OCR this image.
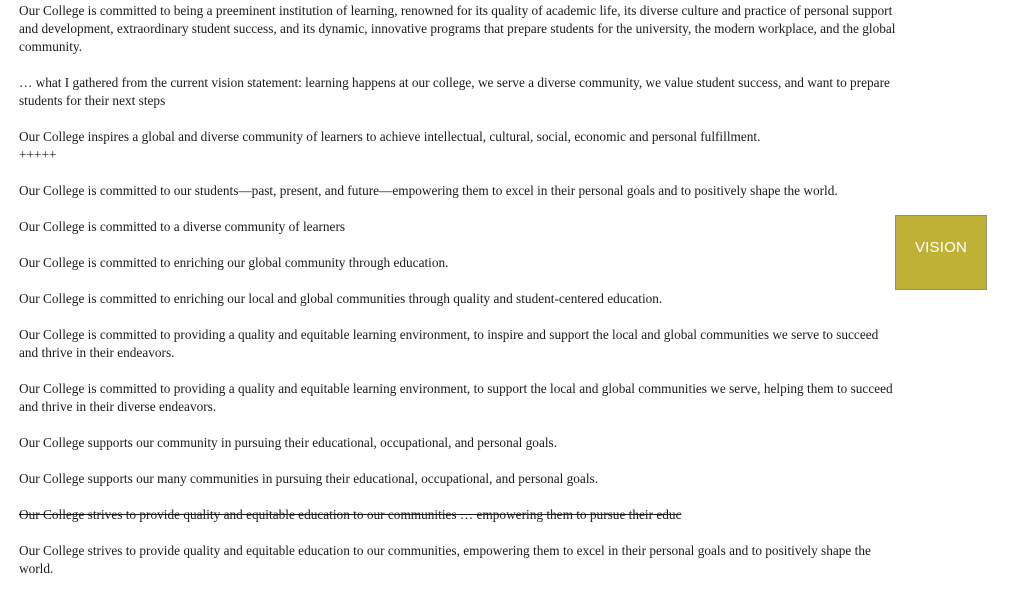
Our College is committed to being a preeminent institution of learning, renowned for its quality of academic life, its diverse culture and practice of personal support
and development, extraordinary student success, and its dynamic, innovative programs that prepare students for the university, the modern workplace, and the global
community.

… what I gathered from the current vision statement: learning happens at our college, we serve a diverse community, we value student success, and want to prepare
students for their next steps

Our College inspires a global and diverse community of learners to achieve intellectual, cultural, social, economic and personal fulfillment.
+++++

Our College is committed to our students—past, present, and future—empowering them to excel in their personal goals and to positively shape the world.

Our College is committed to a diverse community of learners

Our College is committed to enriching our global community through education.

Our College is committed to enriching our local and global communities through quality and student-centered education.

Our College is committed to providing a quality and equitable learning environment, to inspire and support the local and global communities we serve to succeed
and thrive in their endeavors.

Our College is committed to providing a quality and equitable learning environment, to support the local and global communities we serve, helping them to succeed
and thrive in their diverse endeavors.

Our College supports our community in pursuing their educational, occupational, and personal goals.

Our College supports our many communities in pursuing their educational, occupational, and personal goals.

Our College strives to provide quality and equitable education to our communities … empowering them to pursue their educ

Our College strives to provide quality and equitable education to our communities, empowering them to excel in their personal goals and to positively shape the
world.

VISION
